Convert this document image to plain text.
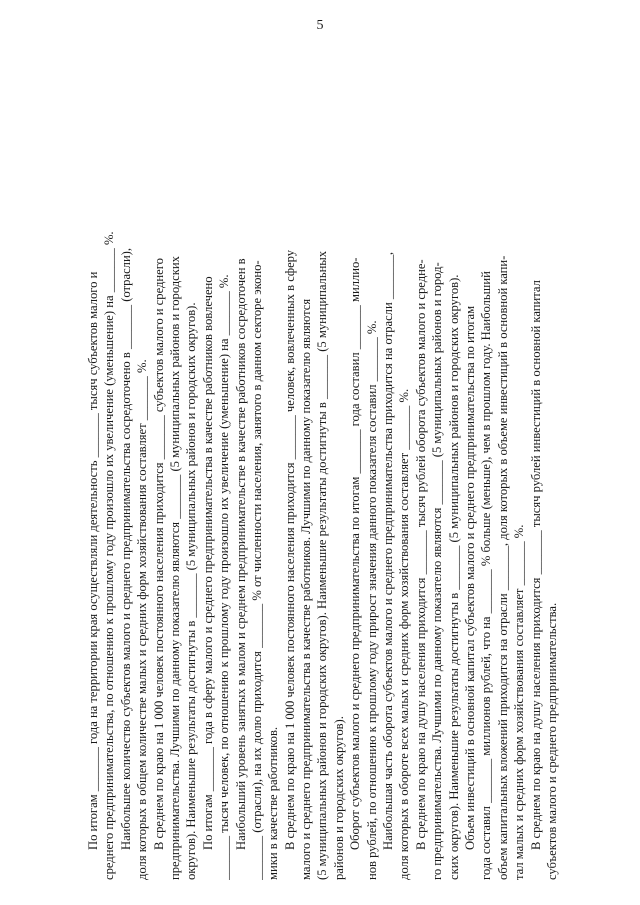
5
По итогам _______ года на территории края осуществляли деятельность _______ тысяч субъектов малого и среднего предпринимательства, по отношению к прошлому году произошло их увеличение (уменьшение) на _______ %. Наибольшее количество субъектов малого и среднего предпринимательства сосредоточено в _______ (отрасли), доля которых в общем количестве малых и средних форм хозяйствования составляет _______ %. В среднем по краю на 1 000 человек постоянного населения приходится _______ субъектов малого и среднего предпринимательства. Лучшими по данному показателю являются _______ (5 муниципальных районов и городских округов). Наименьшие результаты достигнуты в _______ (5 муниципальных районов и городских округов). По итогам _______ года в сферу малого и среднего предпринимательства в качестве работников вовлечено _______ тысяч человек, по отношению к прошлому году произошло их увеличение (уменьшение) на _______ %. Наибольший уровень занятых в малом и среднем предпринимательстве в качестве работников сосредоточен в _______ (отрасли), на их долю приходится _______ % от численности населения, занятого в данном секторе эконо- мики в качестве работников. В среднем по краю на 1 000 человек постоянного населения приходится _______ человек, вовлеченных в сферу малого и среднего предпринимательства в качестве работников. Лучшими по данному показателю являются (5 муниципальных районов и городских округов). Наименьшие результаты достигнуты в _______ (5 муниципальных районов и городских округов). Оборот субъектов малого и среднего предпринимательства по итогам _______ года составил _______ миллио- нов рублей, по отношению к прошлому году прирост значения данного показателя составил _______ %. Наибольшая часть оборота субъектов малого и среднего предпринимательства приходится на отрасли _______, доля которых в обороте всех малых и средних форм хозяйствования составляет _______ %. В среднем по краю на душу населения приходится _______ тысяч рублей оборота субъектов малого и средне- го предпринимательства. Лучшими по данному показателю являются _______ (5 муниципальных районов и город- ских округов). Наименьшие результаты достигнуты в _______ (5 муниципальных районов и городских округов). Объем инвестиций в основной капитал субъектов малого и среднего предпринимательства по итогам года составил _______ миллионов рублей, что на _______ % больше (меньше), чем в прошлом году. Наибольший объем капитальных вложений приходится на отрасли _______, доля которых в объеме инвестиций в основной капи- тал малых и средних форм хозяйствования составляет _______ %. В среднем по краю на душу населения приходится _______ тысяч рублей инвестиций в основной капитал субъектов малого и среднего предпринимательства.
